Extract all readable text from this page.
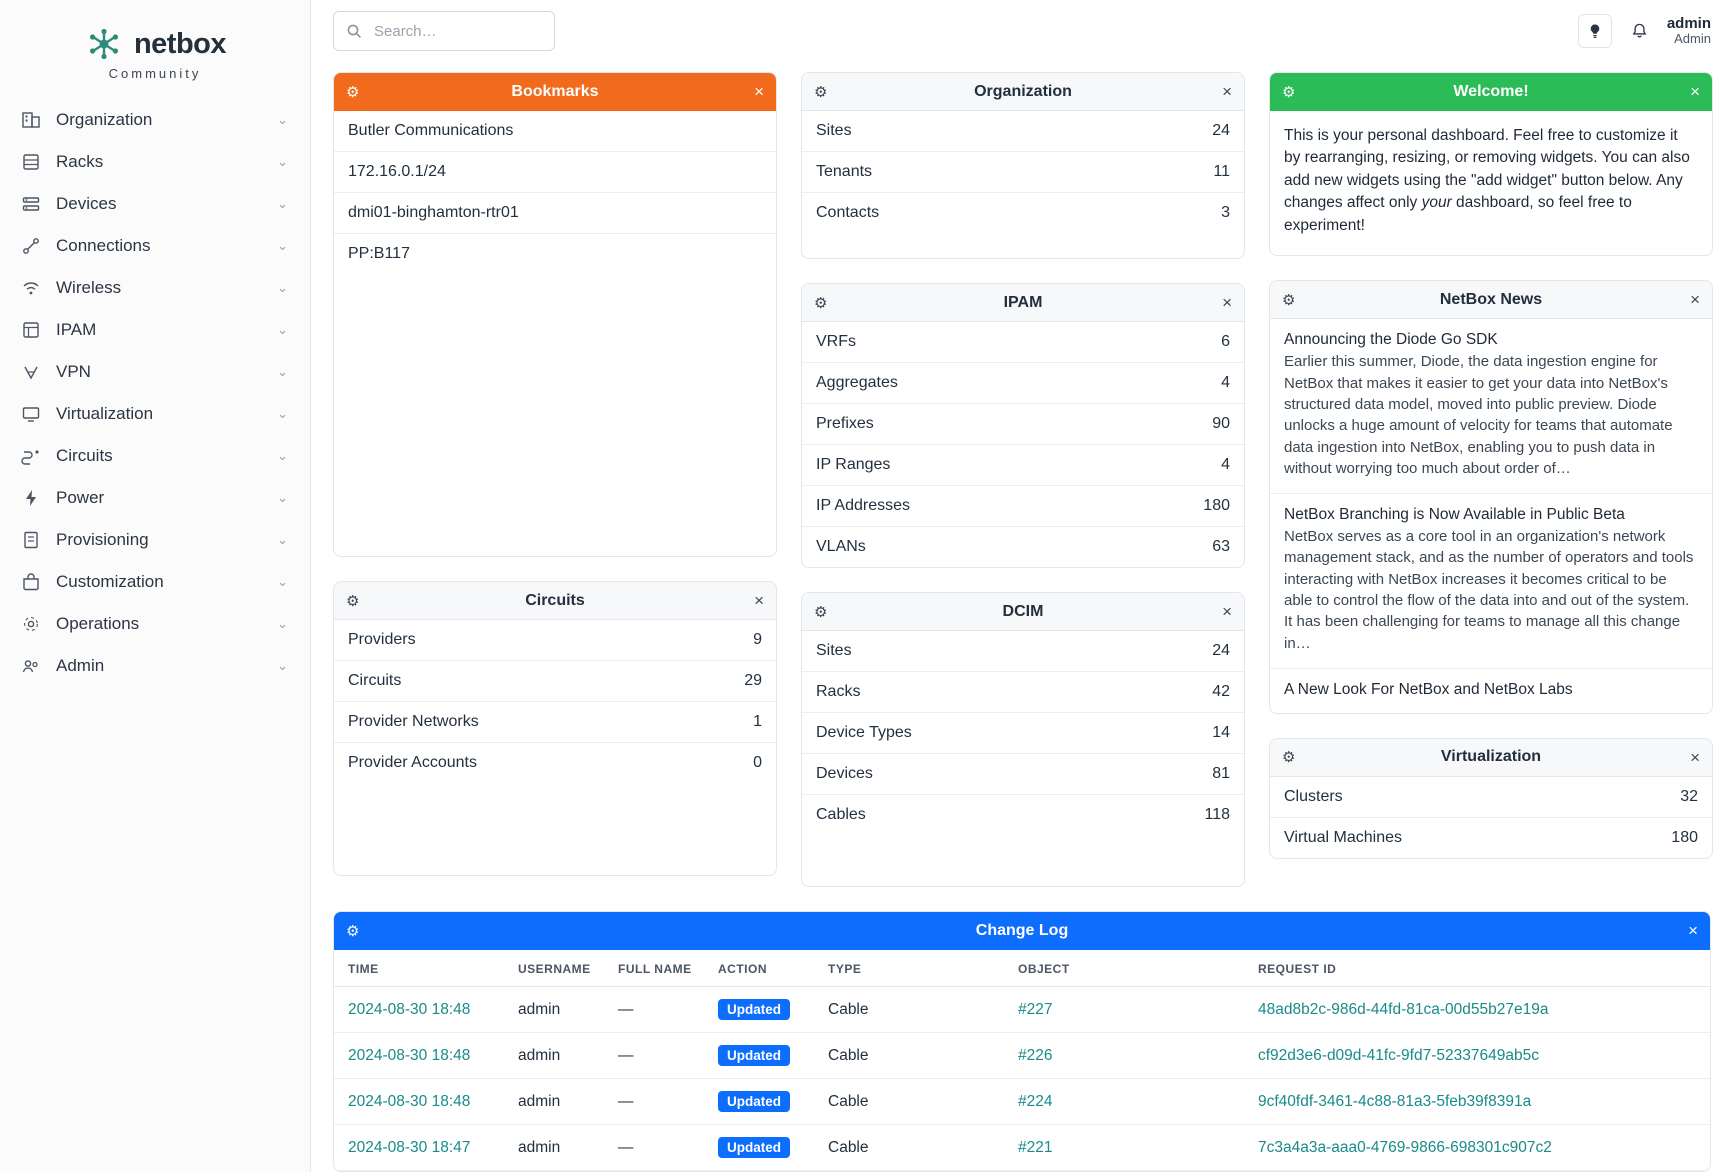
netbox
Community
Organization	⌄
Racks	⌄
Devices	⌄
Connections	⌄
Wireless	⌄
IPAM	⌄
VPN	⌄
Virtualization	⌄
Circuits	⌄
Power	⌄
Provisioning	⌄
Customization	⌄
Operations	⌄
Admin	⌄
Search…
admin
Admin
⚙	Bookmarks	×
Butler Communications
172.16.0.1/24
dmi01-binghamton-rtr01
PP:B117
⚙	Circuits	×
Providers	9
Circuits	29
Provider Networks	1
Provider Accounts	0
⚙	Organization	×
Sites	24
Tenants	11
Contacts	3
⚙	IPAM	×
VRFs	6
Aggregates	4
Prefixes	90
IP Ranges	4
IP Addresses	180
VLANs	63
⚙	DCIM	×
Sites	24
Racks	42
Device Types	14
Devices	81
Cables	118
⚙	Welcome!	×
This is your personal dashboard. Feel free to customize it by rearranging, resizing, or removing widgets. You can also add new widgets using the "add widget" button below. Any changes affect only your dashboard, so feel free to experiment!
⚙	NetBox News	×
Announcing the Diode Go SDK
Earlier this summer, Diode, the data ingestion engine for NetBox that makes it easier to get your data into NetBox's structured data model, moved into public preview. Diode unlocks a huge amount of velocity for teams that automate data ingestion into NetBox, enabling you to push data in without worrying too much about order of…
NetBox Branching is Now Available in Public Beta
NetBox serves as a core tool in an organization's network management stack, and as the number of operators and tools interacting with NetBox increases it becomes critical to be able to control the flow of the data into and out of the system. It has been challenging for teams to manage all this change in…
A New Look For NetBox and NetBox Labs
⚙	Virtualization	×
Clusters	32
Virtual Machines	180
⚙	Change Log	×
TIME	USERNAME	FULL NAME	ACTION	TYPE	OBJECT	REQUEST ID
2024-08-30 18:48	admin	—	Updated	Cable	#227	48ad8b2c-986d-44fd-81ca-00d55b27e19a
2024-08-30 18:48	admin	—	Updated	Cable	#226	cf92d3e6-d09d-41fc-9fd7-52337649ab5c
2024-08-30 18:48	admin	—	Updated	Cable	#224	9cf40fdf-3461-4c88-81a3-5feb39f8391a
2024-08-30 18:47	admin	—	Updated	Cable	#221	7c3a4a3a-aaa0-4769-9866-698301c907c2
